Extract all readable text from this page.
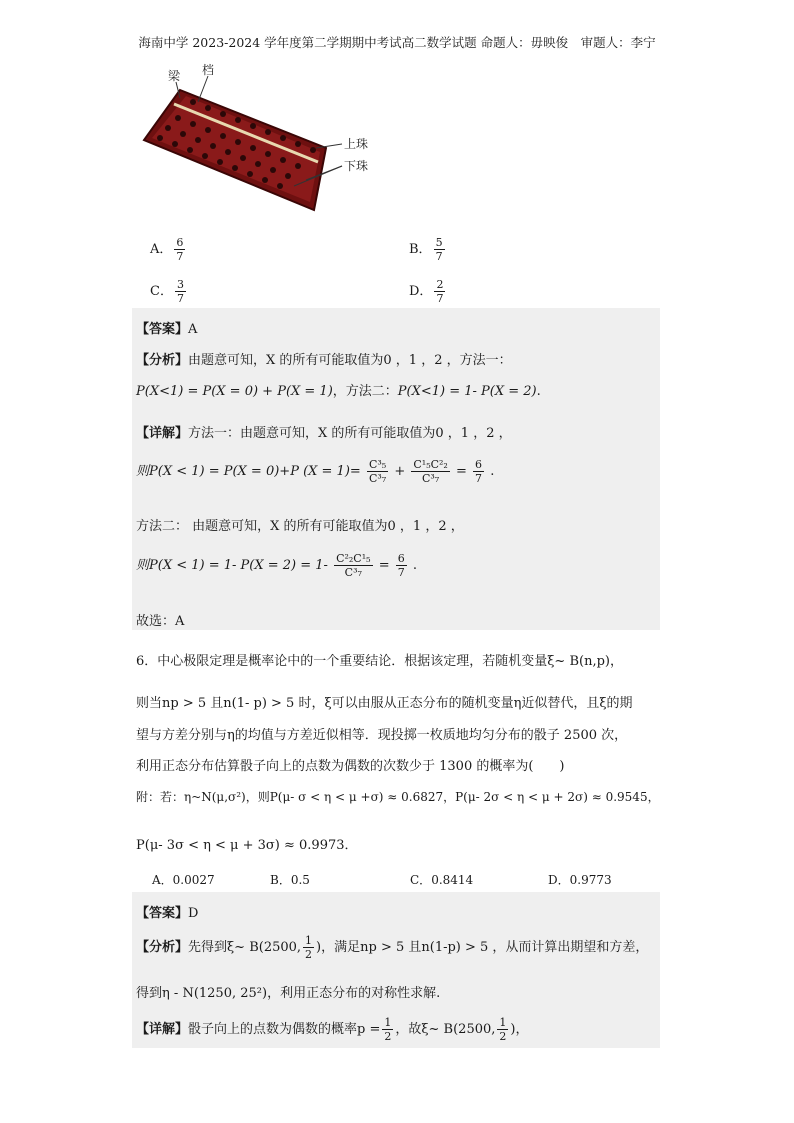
海南中学 2023-2024 学年度第二学期期中考试高二数学试题 命题人：毋映俊　审题人：李宁
梁 档
上珠
下珠
A． $\frac{6}{7}$	B． $\frac{5}{7}$
C． $\frac{3}{7}$	D． $\frac{2}{7}$
【答案】A
【分析】由题意可知，X 的所有可能取值为0 ，1 ，2 ，方法一：
P(X<1) = P(X = 0) + P(X = 1)，方法二：P(X<1) = 1- P(X = 2).
【详解】方法一：由题意可知，X 的所有可能取值为0 ，1 ，2 ，
则P(X < 1) = P(X = 0)+P $(X = 1)= \frac{\text{C³₅}}{\text{C³₇}} + \frac{\text{C¹₅C²₂}}{\text{C³₇}} = \frac{6}{7}$ .
方法二： 由题意可知，X 的所有可能取值为0 ，1 ，2 ，
则P(X < 1) = 1- $P(X = 2) = 1- \frac{\text{C²₂C¹₅}}{\text{C³₇}} = \frac{6}{7}$ .
故选：A
6．中心极限定理是概率论中的一个重要结论．根据该定理，若随机变量ξ~ B(n,p)，
则当np > 5 且n(1- p) > 5 时，ξ可以由服从正态分布的随机变量η近似替代，且ξ的期
望与方差分别与η的均值与方差近似相等．现投掷一枚质地均匀分布的骰子 2500 次，
利用正态分布估算骰子向上的点数为偶数的次数少于 1300 的概率为(　　)
附：若：η~N(μ,σ²)，则P(μ- σ < η < μ +σ) ≈ 0.6827，P(μ- 2σ < η < μ + 2σ) ≈ 0.9545，
P(μ- 3σ < η < μ + 3σ) ≈ 0.9973．
A．0.0027	B．0.5	C．0.8414	D．0.9773
【答案】D
【分析】先得到ξ~ B(2500, $\frac{1}{2}$ )，满足np > 5 且n(1-p) > 5 ，从而计算出期望和方差，
得到η - N(1250, 25²)，利用正态分布的对称性求解.
【详解】骰子向上的点数为偶数的概率$p = \frac{1}{2}$ ，故ξ~ B(2500, $\frac{1}{2}$ )，
